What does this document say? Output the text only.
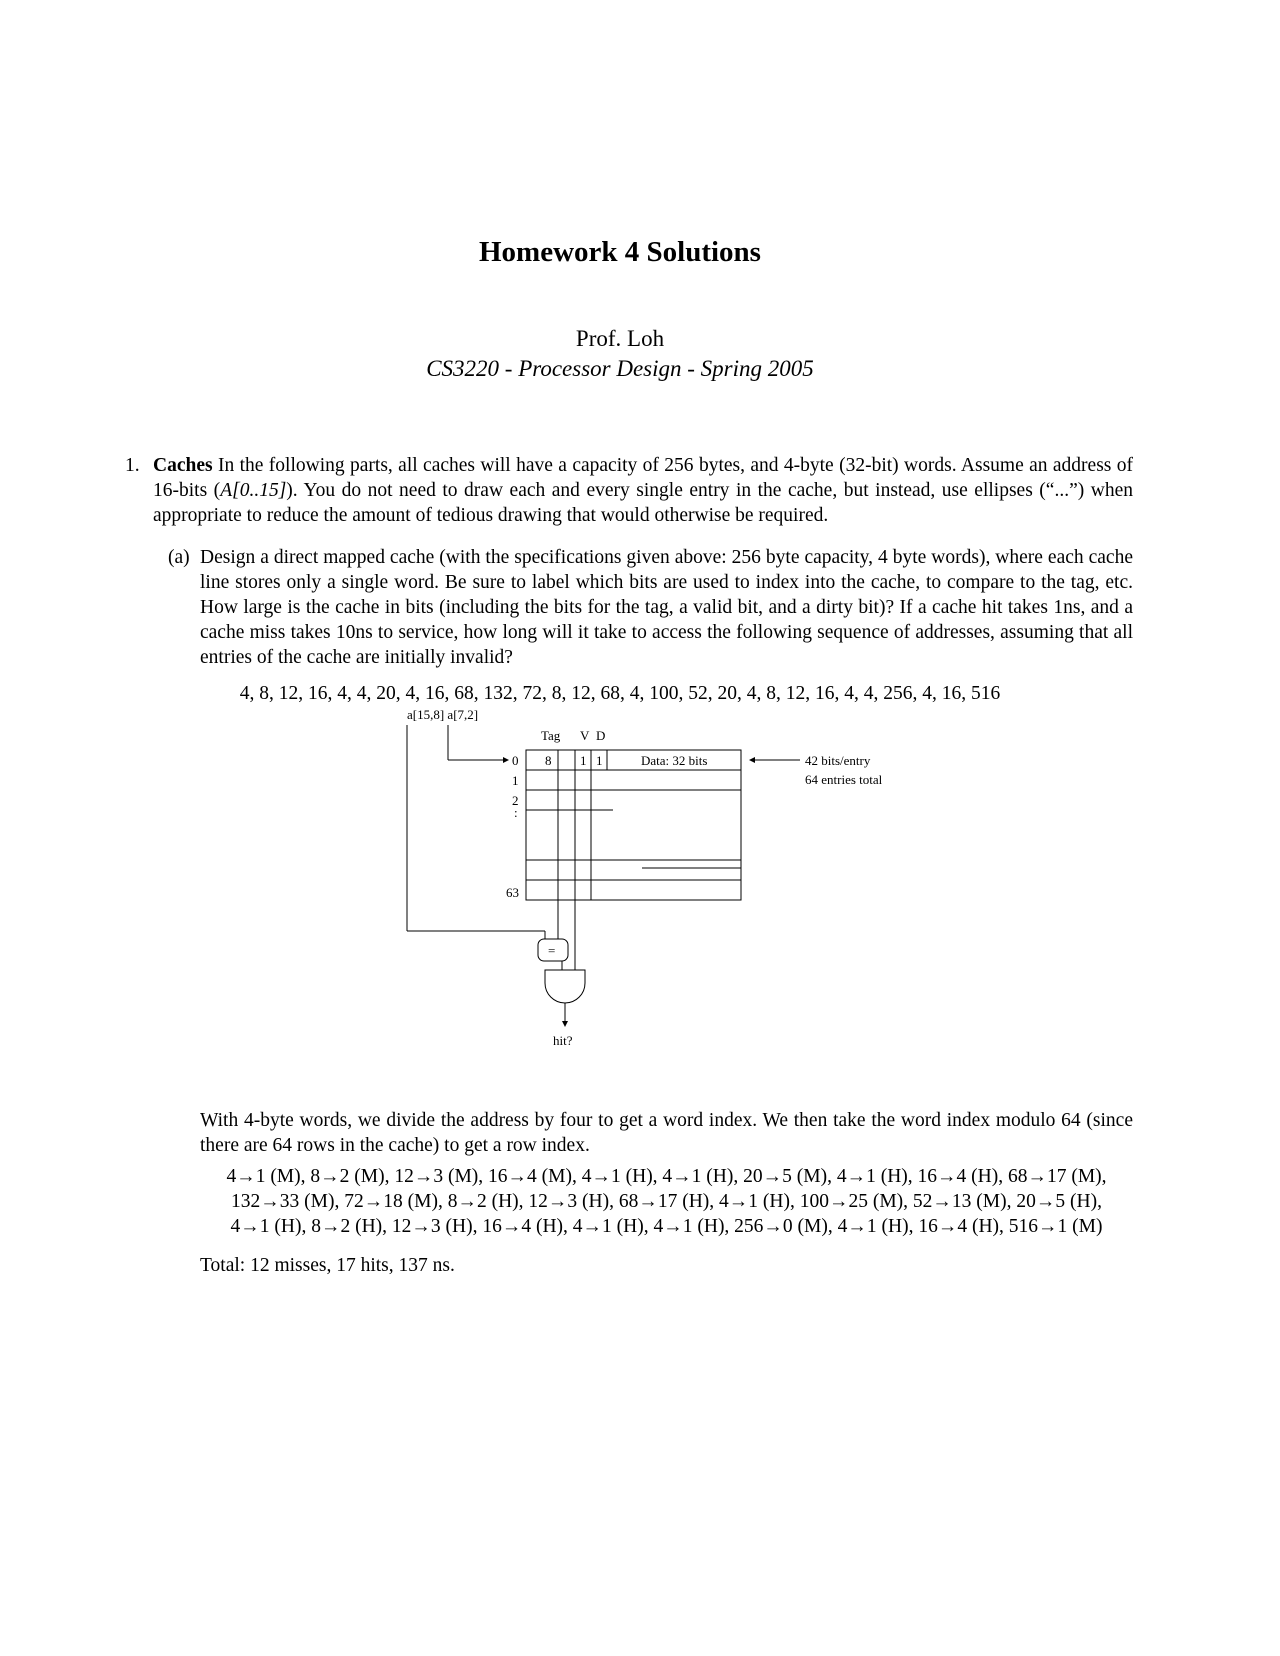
Homework 4 Solutions
Prof. Loh
CS3220 - Processor Design - Spring 2005
1. Caches In the following parts, all caches will have a capacity of 256 bytes, and 4-byte (32-bit) words. Assume an address of 16-bits (A[0..15]). You do not need to draw each and every single entry in the cache, but instead, use ellipses (“...”) when appropriate to reduce the amount of tedious drawing that would otherwise be required.
(a) Design a direct mapped cache (with the specifications given above: 256 byte capacity, 4 byte words), where each cache line stores only a single word. Be sure to label which bits are used to index into the cache, to compare to the tag, etc. How large is the cache in bits (including the bits for the tag, a valid bit, and a dirty bit)? If a cache hit takes 1ns, and a cache miss takes 10ns to service, how long will it take to access the following sequence of addresses, assuming that all entries of the cache are initially invalid?
4, 8, 12, 16, 4, 4, 20, 4, 16, 68, 132, 72, 8, 12, 68, 4, 100, 52, 20, 4, 8, 12, 16, 4, 4, 256, 4, 16, 516
a[15,8] a[7,2]
Tag V D
0
1
2
:
63
8 1 1	Data: 32 bits	42 bits/entry
64 entries total
=
hit?
With 4-byte words, we divide the address by four to get a word index. We then take the word index modulo 64 (since there are 64 rows in the cache) to get a row index.
4→1 (M), 8→2 (M), 12→3 (M), 16→4 (M), 4→1 (H), 4→1 (H), 20→5 (M), 4→1 (H), 16→4 (H), 68→17 (M),
132→33 (M), 72→18 (M), 8→2 (H), 12→3 (H), 68→17 (H), 4→1 (H), 100→25 (M), 52→13 (M), 20→5 (H),
4→1 (H), 8→2 (H), 12→3 (H), 16→4 (H), 4→1 (H), 4→1 (H), 256→0 (M), 4→1 (H), 16→4 (H), 516→1 (M)
Total: 12 misses, 17 hits, 137 ns.
